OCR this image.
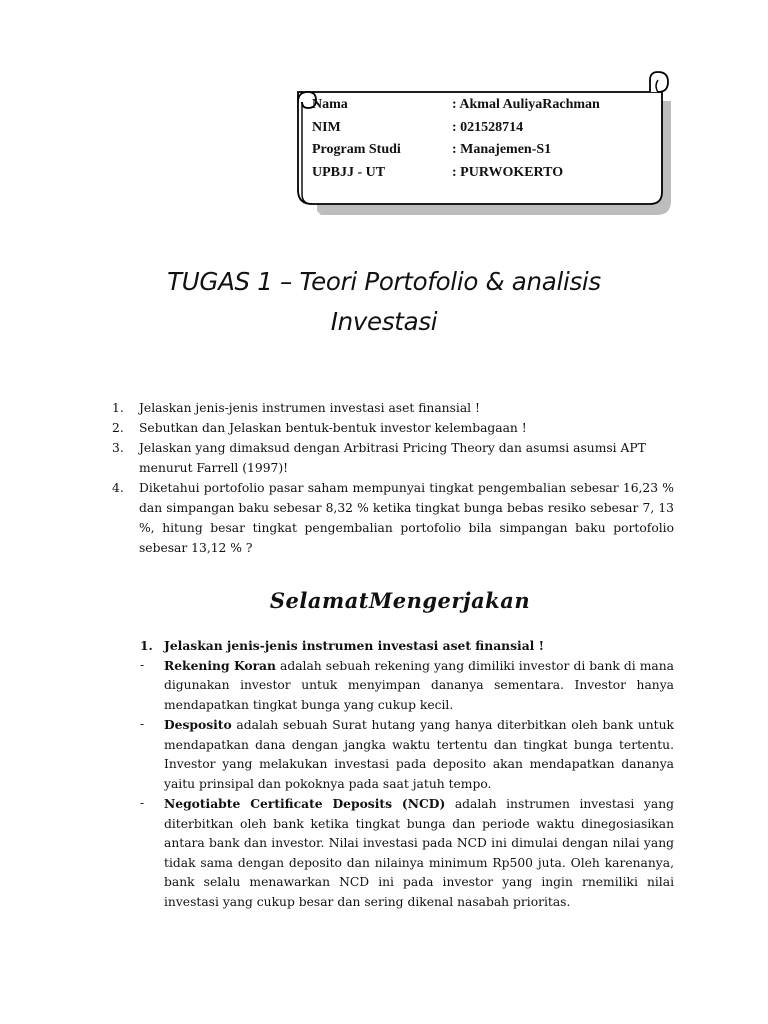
Nama	: Akmal AuliyaRachman
NIM	: 021528714
Program Studi	: Manajemen-S1
UPBJJ - UT	: PURWOKERTO
TUGAS 1 – Teori Portofolio & analisis
Investasi
1. Jelaskan jenis-jenis instrumen investasi aset finansial !
2. Sebutkan dan Jelaskan bentuk-bentuk investor kelembagaan !
3. Jelaskan yang dimaksud dengan Arbitrasi Pricing Theory dan asumsi asumsi APT menurut Farrell (1997)!
4. Diketahui portofolio pasar saham mempunyai tingkat pengembalian sebesar 16,23 % dan simpangan baku sebesar 8,32 % ketika tingkat bunga bebas resiko sebesar 7, 13 %, hitung besar tingkat pengembalian portofolio bila simpangan baku portofolio sebesar 13,12 % ?
SelamatMengerjakan
1. Jelaskan jenis-jenis instrumen investasi aset finansial !
- Rekening Koran adalah sebuah rekening yang dimiliki investor di bank di mana digunakan investor untuk menyimpan dananya sementara. Investor hanya mendapatkan tingkat bunga yang cukup kecil.
- Desposito adalah sebuah Surat hutang yang hanya diterbitkan oleh bank untuk mendapatkan dana dengan jangka waktu tertentu dan tingkat bunga tertentu. Investor yang melakukan investasi pada deposito akan mendapatkan dananya yaitu prinsipal dan pokoknya pada saat jatuh tempo.
- Negotiabte Certificate Deposits (NCD) adalah instrumen investasi yang diterbitkan oleh bank ketika tingkat bunga dan periode waktu dinegosiasikan antara bank dan investor. Nilai investasi pada NCD ini dimulai dengan nilai yang tidak sama dengan deposito dan nilainya minimum Rp500 juta. Oleh karenanya, bank selalu menawarkan NCD ini pada investor yang ingin rnemiliki nilai investasi yang cukup besar dan sering dikenal nasabah prioritas.
